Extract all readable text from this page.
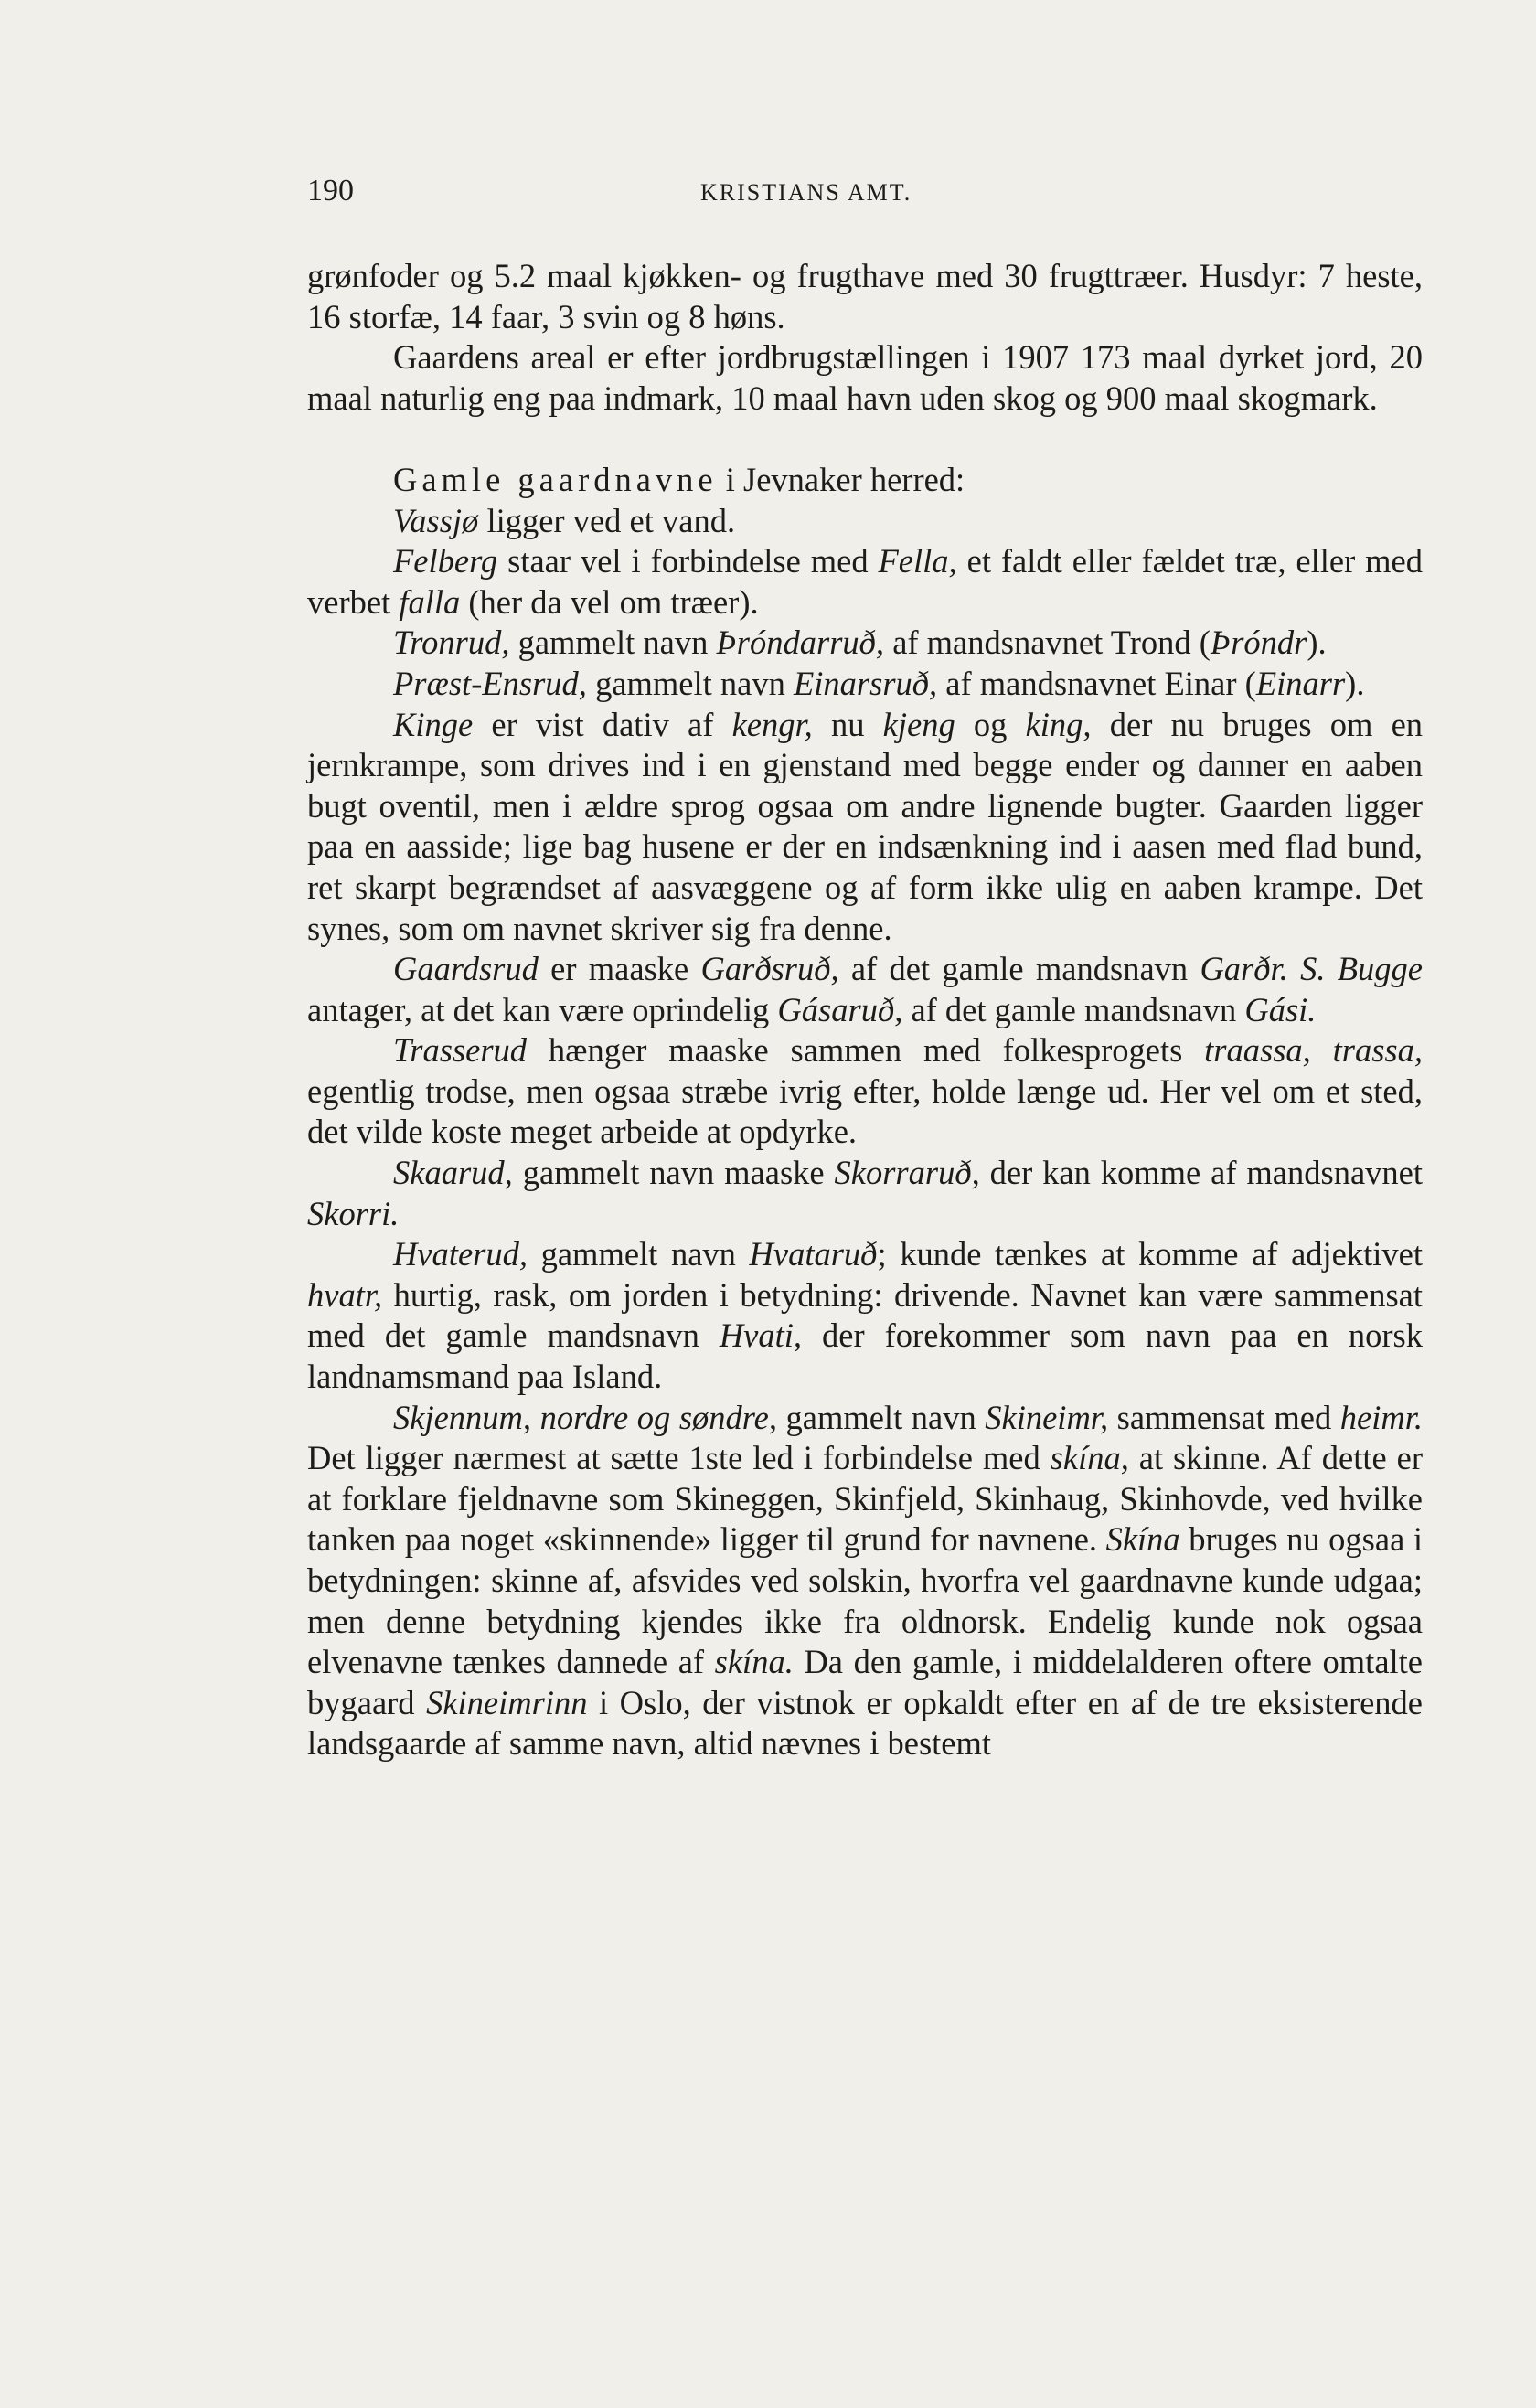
190	KRISTIANS AMT.

grønfoder og 5.2 maal kjøkken- og frugthave med 30 frugttræer. Husdyr: 7 heste, 16 storfæ, 14 faar, 3 svin og 8 høns.

Gaardens areal er efter jordbrugstællingen i 1907 173 maal dyrket jord, 20 maal naturlig eng paa indmark, 10 maal havn uden skog og 900 maal skogmark.

Gamle gaardnavne i Jevnaker herred:

Vassjø ligger ved et vand.

Felberg staar vel i forbindelse med Fella, et faldt eller fældet træ, eller med verbet falla (her da vel om træer).

Tronrud, gammelt navn Þróndarruð, af mandsnavnet Trond (Þróndr).

Præst-Ensrud, gammelt navn Einarsruð, af mandsnavnet Einar (Einarr).

Kinge er vist dativ af kengr, nu kjeng og king, der nu bruges om en jernkrampe, som drives ind i en gjenstand med begge ender og danner en aaben bugt oventil, men i ældre sprog ogsaa om andre lignende bugter. Gaarden ligger paa en aasside; lige bag husene er der en indsænkning ind i aasen med flad bund, ret skarpt begrændset af aasvæggene og af form ikke ulig en aaben krampe. Det synes, som om navnet skriver sig fra denne.

Gaardsrud er maaske Garðsruð, af det gamle mandsnavn Garðr. S. Bugge antager, at det kan være oprindelig Gásaruð, af det gamle mandsnavn Gási.

Trasserud hænger maaske sammen med folkesprogets traassa, trassa, egentlig trodse, men ogsaa stræbe ivrig efter, holde længe ud. Her vel om et sted, det vilde koste meget arbeide at opdyrke.

Skaarud, gammelt navn maaske Skorraruð, der kan komme af mandsnavnet Skorri.

Hvaterud, gammelt navn Hvataruð; kunde tænkes at komme af adjektivet hvatr, hurtig, rask, om jorden i betydning: drivende. Navnet kan være sammensat med det gamle mandsnavn Hvati, der forekommer som navn paa en norsk landnamsmand paa Island.

Skjennum, nordre og søndre, gammelt navn Skineimr, sammensat med heimr. Det ligger nærmest at sætte 1ste led i forbindelse med skína, at skinne. Af dette er at forklare fjeldnavne som Skineggen, Skinfjeld, Skinhaug, Skinhovde, ved hvilke tanken paa noget «skinnende» ligger til grund for navnene. Skína bruges nu ogsaa i betydningen: skinne af, afsvides ved solskin, hvorfra vel gaardnavne kunde udgaa; men denne betydning kjendes ikke fra oldnorsk. Endelig kunde nok ogsaa elvenavne tænkes dannede af skína. Da den gamle, i middelalderen oftere omtalte bygaard Skineimrinn i Oslo, der vistnok er opkaldt efter en af de tre eksisterende landsgaarde af samme navn, altid nævnes i bestemt
